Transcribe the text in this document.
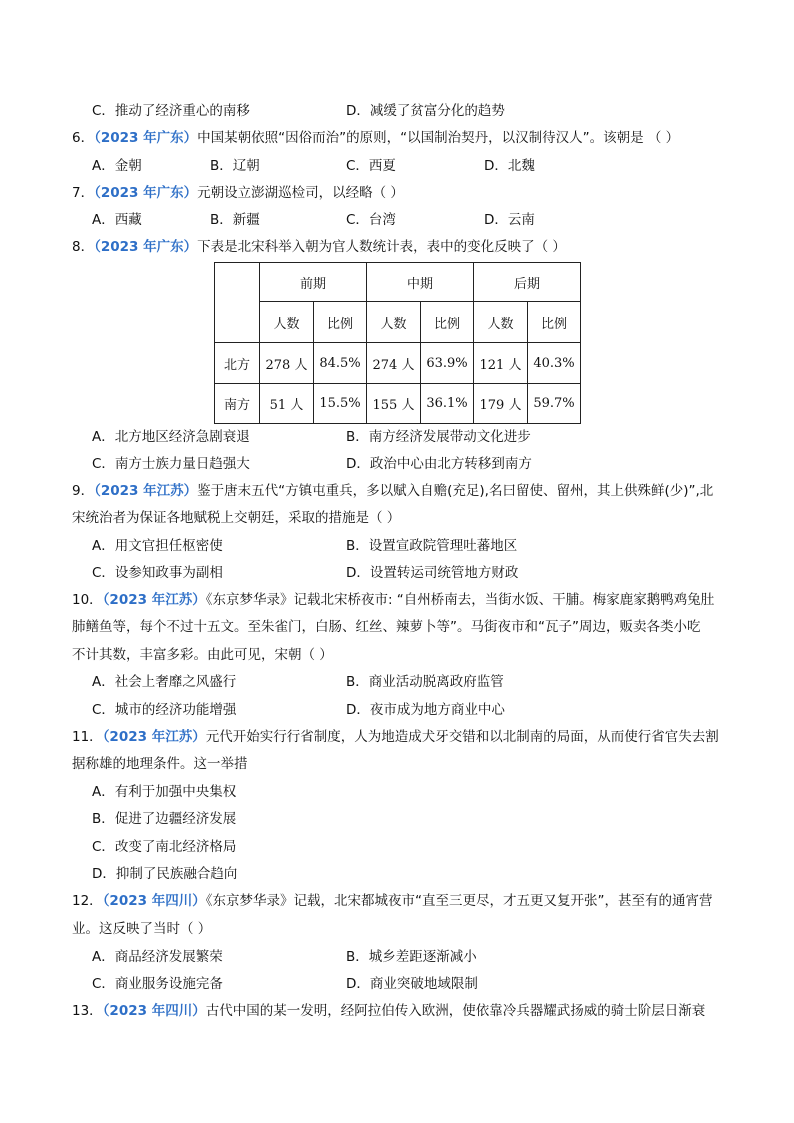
C．推动了经济重心的南移	D．减缓了贫富分化的趋势
6．（2023 年广东）中国某朝依照“因俗而治”的原则，“以国制治契丹，以汉制待汉人”。该朝是 （ ）
A．金朝	B．辽朝	C．西夏	D．北魏
7．（2023 年广东）元朝设立澎湖巡检司，以经略（ ）
A．西藏	B．新疆	C．台湾	D．云南
8．（2023 年广东）下表是北宋科举入朝为官人数统计表，表中的变化反映了（ ）
	前期		中期		后期	
	人数	比例	人数	比例	人数	比例
北方	278 人	84.5%	274 人	63.9%	121 人	40.3%
南方	51 人	15.5%	155 人	36.1%	179 人	59.7%
A．北方地区经济急剧衰退	B．南方经济发展带动文化进步
C．南方士族力量日趋强大	D．政治中心由北方转移到南方
9．（2023 年江苏）鉴于唐末五代“方镇屯重兵，多以赋入自赡(充足),名曰留使、留州，其上供殊鲜(少)”,北
宋统治者为保证各地赋税上交朝廷，采取的措施是（ ）
A．用文官担任枢密使	B．设置宣政院管理吐蕃地区
C．设参知政事为副相	D．设置转运司统管地方财政
10．（2023 年江苏）《东京梦华录》记载北宋桥夜市: “自州桥南去，当街水饭、干脯。梅家鹿家鹅鸭鸡兔肚
肺鳝鱼等，每个不过十五文。至朱雀门，白肠、红丝、辣萝卜等”。马街夜市和“瓦子”周边，贩卖各类小吃
不计其数，丰富多彩。由此可见，宋朝（ ）
A．社会上奢靡之风盛行	B．商业活动脱离政府监管
C．城市的经济功能增强	D．夜市成为地方商业中心
11．（2023 年江苏）元代开始实行行省制度，人为地造成犬牙交错和以北制南的局面，从而使行省官失去割
据称雄的地理条件。这一举措
A．有利于加强中央集权
B．促进了边疆经济发展
C．改变了南北经济格局
D．抑制了民族融合趋向
12．（2023 年四川）《东京梦华录》记载，北宋都城夜市“直至三更尽，才五更又复开张”，甚至有的通宵营
业。这反映了当时（ ）
A．商品经济发展繁荣	B．城乡差距逐渐减小
C．商业服务设施完备	D．商业突破地域限制
13．（2023 年四川）古代中国的某一发明，经阿拉伯传入欧洲，使依靠冷兵器耀武扬威的骑士阶层日渐衰
